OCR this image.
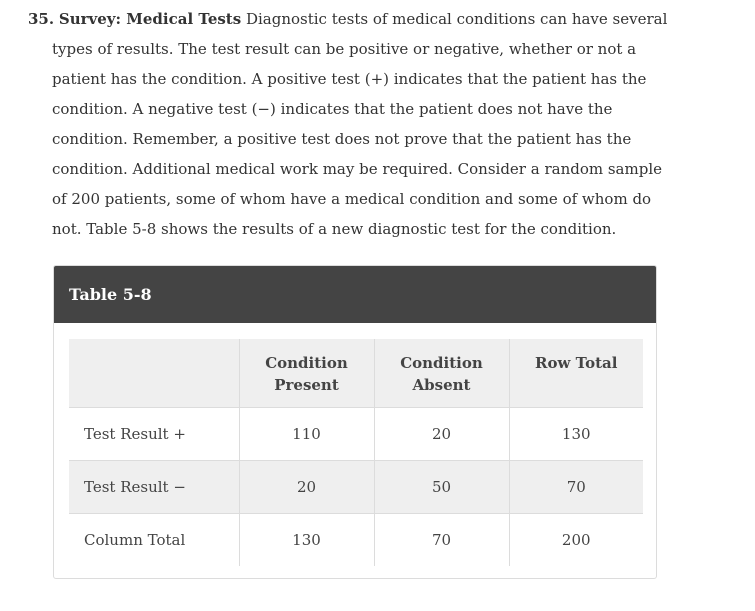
35. Survey: Medical Tests Diagnostic tests of medical conditions can have several types of results. The test result can be positive or negative, whether or not a patient has the condition. A positive test (+) indicates that the patient has the condition. A negative test (−) indicates that the patient does not have the condition. Remember, a positive test does not prove that the patient has the condition. Additional medical work may be required. Consider a random sample of 200 patients, some of whom have a medical condition and some of whom do not. Table 5-8 shows the results of a new diagnostic test for the condition.
Table 5-8
	Condition Present	Condition Absent	Row Total
Test Result +	110	20	130
Test Result −	20	50	70
Column Total	130	70	200
